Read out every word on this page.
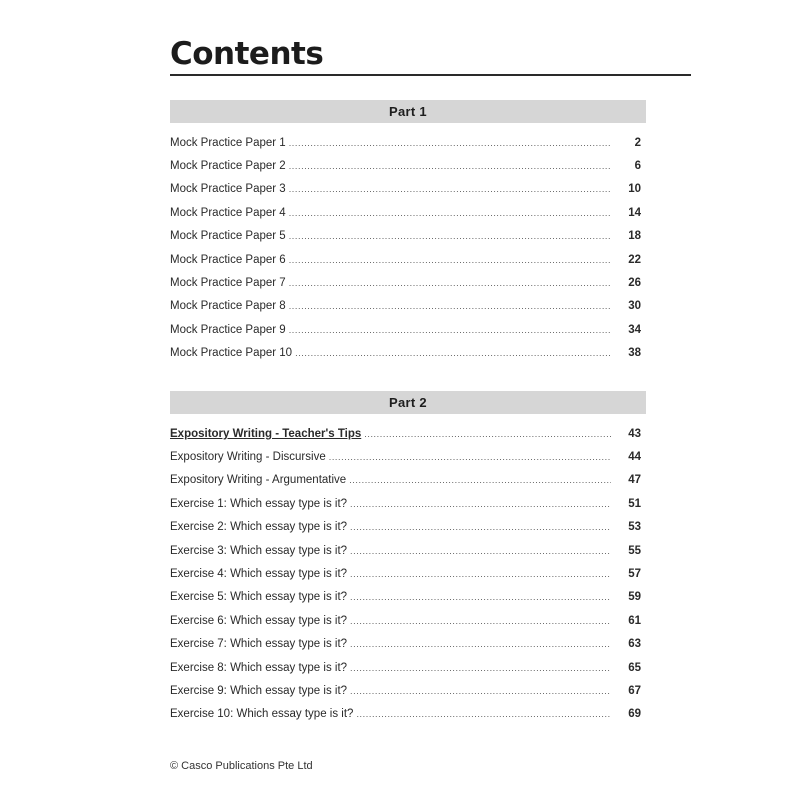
Contents
Part 1
Mock Practice Paper 1 .....	2
Mock Practice Paper 2 .....	6
Mock Practice Paper 3 .....	10
Mock Practice Paper 4 .....	14
Mock Practice Paper 5 .....	18
Mock Practice Paper 6 .....	22
Mock Practice Paper 7 .....	26
Mock Practice Paper 8 .....	30
Mock Practice Paper 9 .....	34
Mock Practice Paper 10 .....	38
Part 2
Expository Writing - Teacher's Tips .....	43
Expository Writing - Discursive .....	44
Expository Writing - Argumentative .....	47
Exercise 1: Which essay type is it? .....	51
Exercise 2: Which essay type is it? .....	53
Exercise 3: Which essay type is it? .....	55
Exercise 4: Which essay type is it? .....	57
Exercise 5: Which essay type is it? .....	59
Exercise 6: Which essay type is it? .....	61
Exercise 7: Which essay type is it? .....	63
Exercise 8: Which essay type is it? .....	65
Exercise 9: Which essay type is it? .....	67
Exercise 10: Which essay type is it? .....	69
© Casco Publications Pte Ltd
